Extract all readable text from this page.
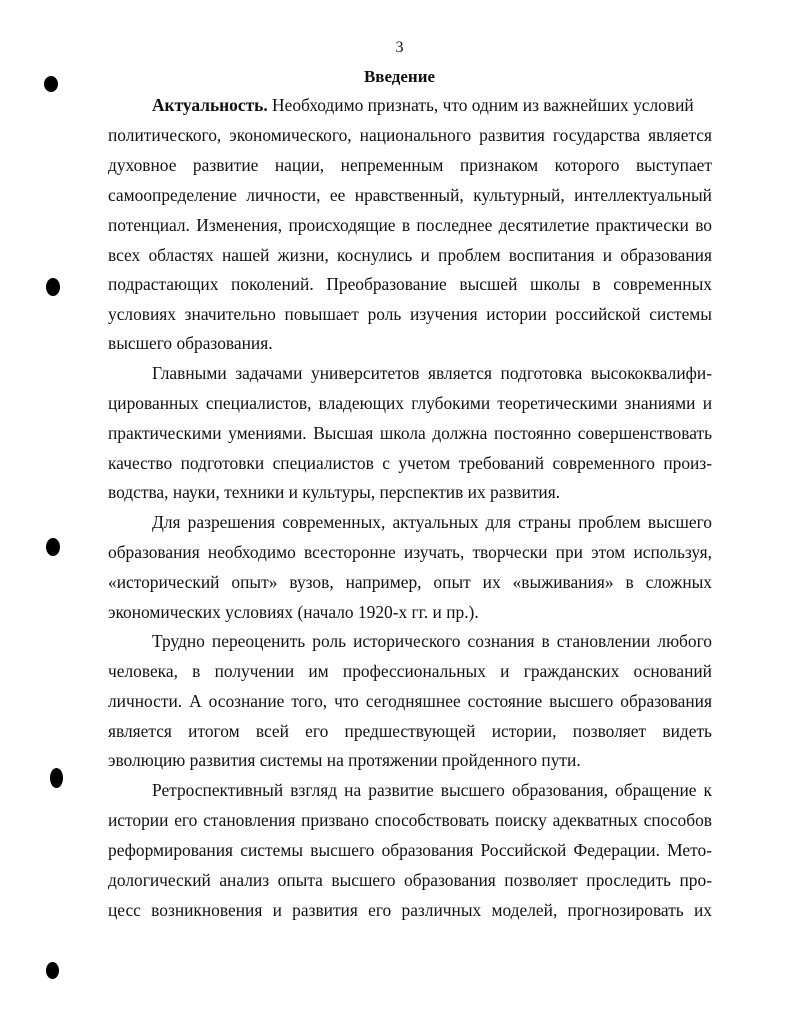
3
Введение
Актуальность. Необходимо признать, что одним из важнейших условий
политического, экономического, национального развития государства является
духовное развитие нации, непременным признаком которого выступает
самоопределение личности, ее нравственный, культурный, интеллектуальный
потенциал. Изменения, происходящие в последнее десятилетие практически во
всех областях нашей жизни, коснулись и проблем воспитания и образования
подрастающих поколений. Преобразование высшей школы в современных
условиях значительно повышает роль изучения истории российской системы
высшего образования.
Главными задачами университетов является подготовка высококвалифи-
цированных специалистов, владеющих глубокими теоретическими знаниями и
практическими умениями. Высшая школа должна постоянно совершенствовать
качество подготовки специалистов с учетом требований современного произ-
водства, науки, техники и культуры, перспектив их развития.
Для разрешения современных, актуальных для страны проблем высшего
образования необходимо всесторонне изучать, творчески при этом используя,
«исторический опыт» вузов, например, опыт их «выживания» в сложных
экономических условиях (начало 1920-х гг. и пр.).
Трудно переоценить роль исторического сознания в становлении любого
человека, в получении им профессиональных и гражданских оснований
личности. А осознание того, что сегодняшнее состояние высшего образования
является итогом всей его предшествующей истории, позволяет видеть
эволюцию развития системы на протяжении пройденного пути.
Ретроспективный взгляд на развитие высшего образования, обращение к
истории его становления призвано способствовать поиску адекватных способов
реформирования системы высшего образования Российской Федерации. Мето-
дологический анализ опыта высшего образования позволяет проследить про-
цесс возникновения и развития его различных моделей, прогнозировать их
